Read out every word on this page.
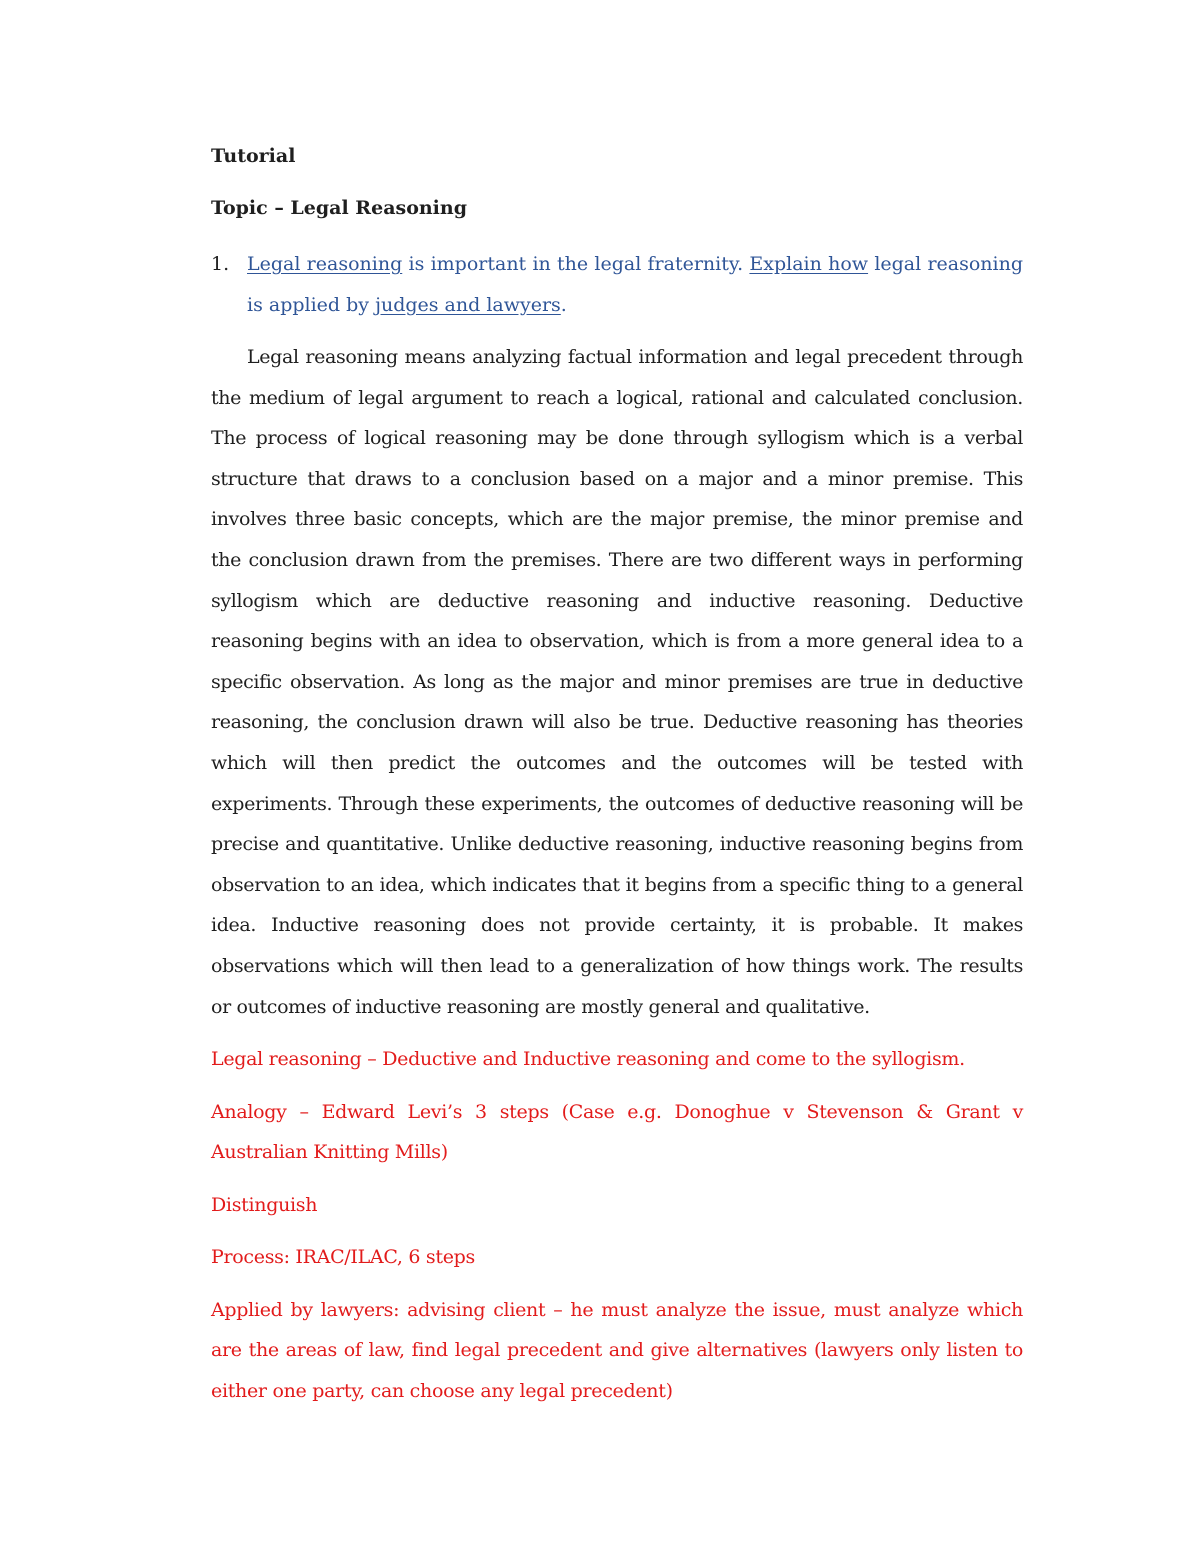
Tutorial

Topic – Legal Reasoning

1. Legal reasoning is important in the legal fraternity. Explain how legal reasoning is applied by judges and lawyers.

Legal reasoning means analyzing factual information and legal precedent through the medium of legal argument to reach a logical, rational and calculated conclusion. The process of logical reasoning may be done through syllogism which is a verbal structure that draws to a conclusion based on a major and a minor premise. This involves three basic concepts, which are the major premise, the minor premise and the conclusion drawn from the premises. There are two different ways in performing syllogism which are deductive reasoning and inductive reasoning. Deductive reasoning begins with an idea to observation, which is from a more general idea to a specific observation. As long as the major and minor premises are true in deductive reasoning, the conclusion drawn will also be true. Deductive reasoning has theories which will then predict the outcomes and the outcomes will be tested with experiments. Through these experiments, the outcomes of deductive reasoning will be precise and quantitative. Unlike deductive reasoning, inductive reasoning begins from observation to an idea, which indicates that it begins from a specific thing to a general idea. Inductive reasoning does not provide certainty, it is probable. It makes observations which will then lead to a generalization of how things work. The results or outcomes of inductive reasoning are mostly general and qualitative.

Legal reasoning – Deductive and Inductive reasoning and come to the syllogism.

Analogy – Edward Levi’s 3 steps (Case e.g. Donoghue v Stevenson & Grant v Australian Knitting Mills)

Distinguish

Process: IRAC/ILAC, 6 steps

Applied by lawyers: advising client – he must analyze the issue, must analyze which are the areas of law, find legal precedent and give alternatives (lawyers only listen to either one party, can choose any legal precedent)
